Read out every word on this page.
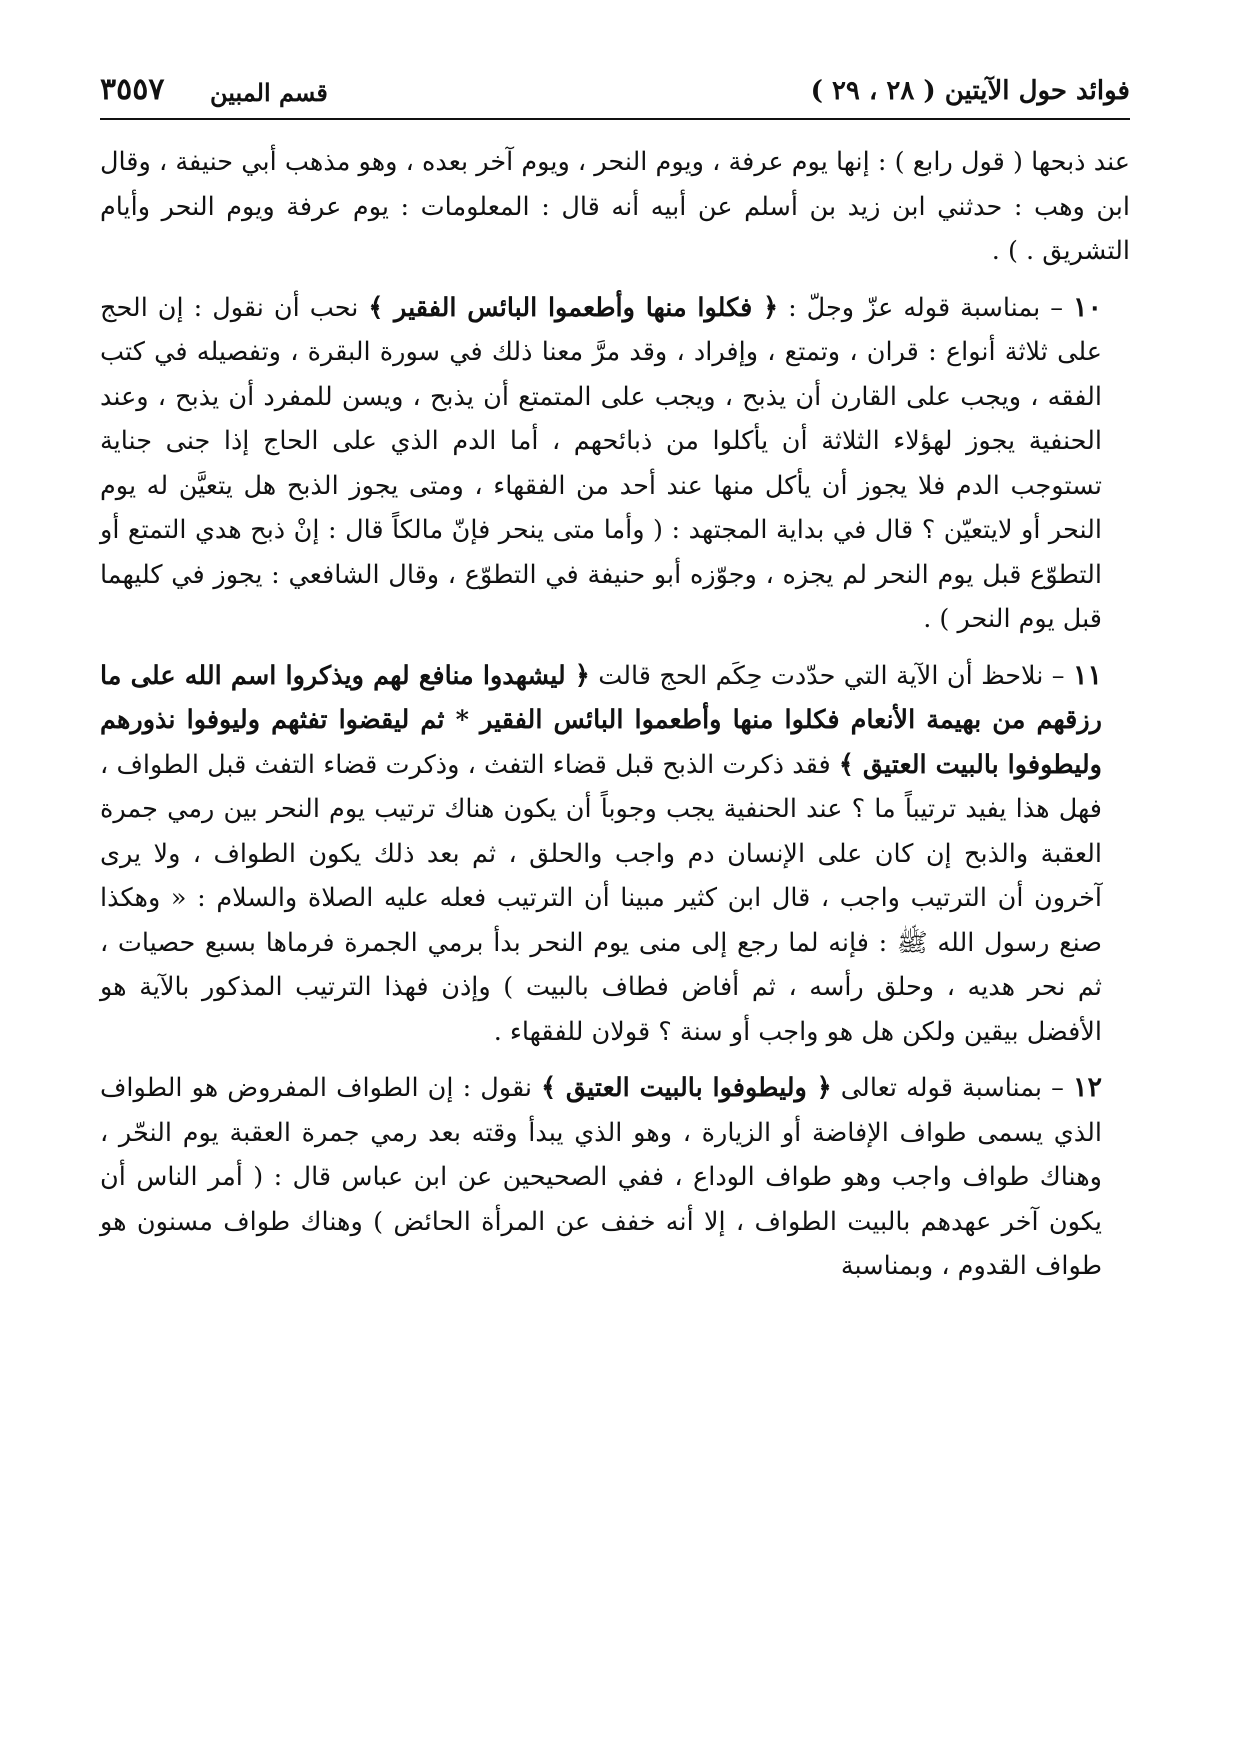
فوائد حول الآيتين ( ٢٨ ، ٢٩ )
قسم المبين
٣٥٥٧

عند ذبحها ( قول رابع ) : إنها يوم عرفة ، ويوم النحر ، ويوم آخر بعده ، وهو مذهب أبي حنيفة ، وقال ابن وهب : حدثني ابن زيد بن أسلم عن أبيه أنه قال : المعلومات : يوم عرفة ويوم النحر وأيام التشريق . ) .

١٠ – بمناسبة قوله عزّ وجلّ : ﴿ فكلوا منها وأطعموا البائس الفقير ﴾ نحب أن نقول : إن الحج على ثلاثة أنواع : قران ، وتمتع ، وإفراد ، وقد مرَّ معنا ذلك في سورة البقرة ، وتفصيله في كتب الفقه ، ويجب على القارن أن يذبح ، ويجب على المتمتع أن يذبح ، ويسن للمفرد أن يذبح ، وعند الحنفية يجوز لهؤلاء الثلاثة أن يأكلوا من ذبائحهم ، أما الدم الذي على الحاج إذا جنى جناية تستوجب الدم فلا يجوز أن يأكل منها عند أحد من الفقهاء ، ومتى يجوز الذبح هل يتعيَّن له يوم النحر أو لايتعيّن ؟ قال في بداية المجتهد : ( وأما متى ينحر فإنّ مالكاً قال : إنْ ذبح هدي التمتع أو التطوّع قبل يوم النحر لم يجزه ، وجوّزه أبو حنيفة في التطوّع ، وقال الشافعي : يجوز في كليهما قبل يوم النحر ) .

١١ – نلاحظ أن الآية التي حدّدت حِكَم الحج قالت ﴿ ليشهدوا منافع لهم ويذكروا اسم الله على ما رزقهم من بهيمة الأنعام فكلوا منها وأطعموا البائس الفقير * ثم ليقضوا تفثهم وليوفوا نذورهم وليطوفوا بالبيت العتيق ﴾ فقد ذكرت الذبح قبل قضاء التفث ، وذكرت قضاء التفث قبل الطواف ، فهل هذا يفيد ترتيباً ما ؟ عند الحنفية يجب وجوباً أن يكون هناك ترتيب يوم النحر بين رمي جمرة العقبة والذبح إن كان على الإنسان دم واجب والحلق ، ثم بعد ذلك يكون الطواف ، ولا يرى آخرون أن الترتيب واجب ، قال ابن كثير مبينا أن الترتيب فعله عليه الصلاة والسلام : « وهكذا صنع رسول الله ﷺ : فإنه لما رجع إلى منى يوم النحر بدأ برمي الجمرة فرماها بسبع حصيات ، ثم نحر هديه ، وحلق رأسه ، ثم أفاض فطاف بالبيت ) وإذن فهذا الترتيب المذكور بالآية هو الأفضل بيقين ولكن هل هو واجب أو سنة ؟ قولان للفقهاء .

١٢ – بمناسبة قوله تعالى ﴿ وليطوفوا بالبيت العتيق ﴾ نقول : إن الطواف المفروض هو الطواف الذي يسمى طواف الإفاضة أو الزيارة ، وهو الذي يبدأ وقته بعد رمي جمرة العقبة يوم النحّر ، وهناك طواف واجب وهو طواف الوداع ، ففي الصحيحين عن ابن عباس قال : ( أمر الناس أن يكون آخر عهدهم بالبيت الطواف ، إلا أنه خفف عن المرأة الحائض ) وهناك طواف مسنون هو طواف القدوم ، وبمناسبة
